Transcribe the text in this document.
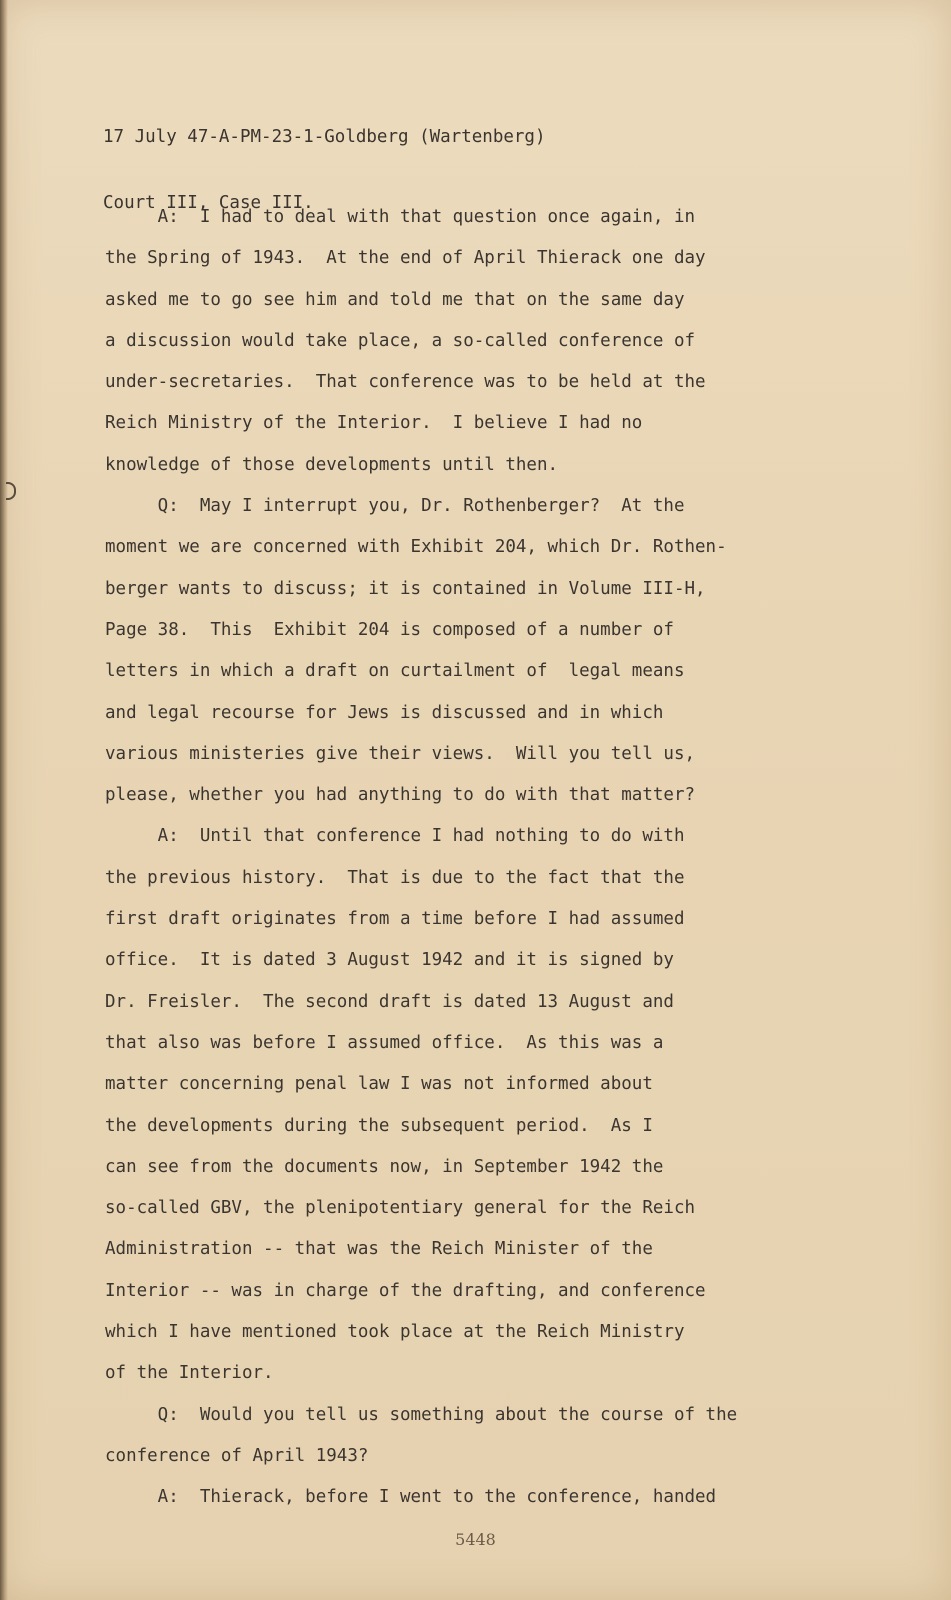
17 July 47-A-PM-23-1-Goldberg (Wartenberg)

Court III, Case III.

A:  I had to deal with that question once again, in
the Spring of 1943.  At the end of April Thierack one day
asked me to go see him and told me that on the same day
a discussion would take place, a so-called conference of
under-secretaries.  That conference was to be held at the
Reich Ministry of the Interior.  I believe I had no
knowledge of those developments until then.
Q:  May I interrupt you, Dr. Rothenberger?  At the
moment we are concerned with Exhibit 204, which Dr. Rothen-
berger wants to discuss; it is contained in Volume III-H,
Page 38.  This  Exhibit 204 is composed of a number of
letters in which a draft on curtailment of  legal means
and legal recourse for Jews is discussed and in which
various ministeries give their views.  Will you tell us,
please, whether you had anything to do with that matter?
A:  Until that conference I had nothing to do with
the previous history.  That is due to the fact that the
first draft originates from a time before I had assumed
office.  It is dated 3 August 1942 and it is signed by
Dr. Freisler.  The second draft is dated 13 August and
that also was before I assumed office.  As this was a
matter concerning penal law I was not informed about
the developments during the subsequent period.  As I
can see from the documents now, in September 1942 the
so-called GBV, the plenipotentiary general for the Reich
Administration -- that was the Reich Minister of the
Interior -- was in charge of the drafting, and conference
which I have mentioned took place at the Reich Ministry
of the Interior.
Q:  Would you tell us something about the course of the
conference of April 1943?
A:  Thierack, before I went to the conference, handed
5448
